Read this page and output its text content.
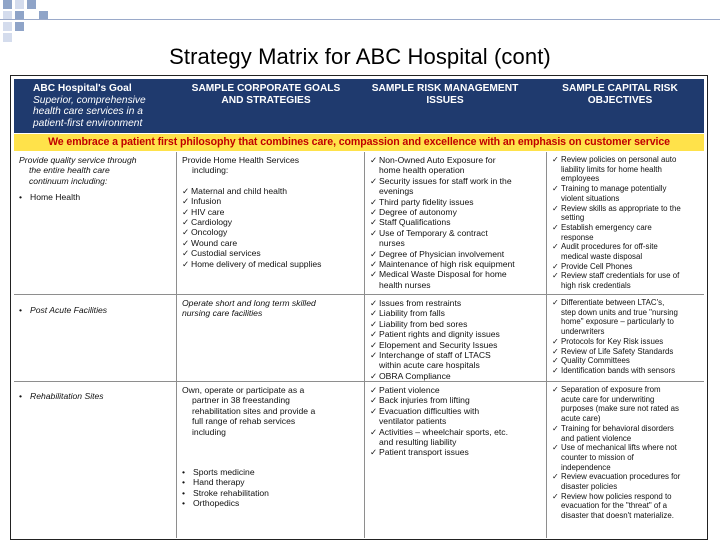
Strategy Matrix for ABC Hospital (cont)
ABC Hospital's Goal
Superior, comprehensive
health care services in a
patient-first environment
SAMPLE CORPORATE GOALS
AND STRATEGIES
SAMPLE RISK MANAGEMENT
ISSUES
SAMPLE CAPITAL RISK
OBJECTIVES
We embrace a patient first philosophy that combines care, compassion and excellence with an emphasis on customer service
Provide quality service through
the entire health care
continuum including:
• Home Health
Provide Home Health Services
including:
✓ Maternal and child health
✓ Infusion
✓ HIV care
✓ Cardiology
✓ Oncology
✓ Wound care
✓ Custodial services
✓ Home delivery of medical supplies
✓ Non-Owned Auto Exposure for
home health operation
✓ Security issues for staff work in the
evenings
✓ Third party fidelity issues
✓ Degree of autonomy
✓ Staff Qualifications
✓ Use of Temporary & contract
nurses
✓ Degree of Physician involvement
✓ Maintenance of high risk equipment
✓ Medical Waste Disposal for home
health nurses
✓ Review policies on personal auto
liability limits for home health
employees
✓ Training to manage potentially
violent situations
✓ Review skills as appropriate to the
setting
✓ Establish emergency care
response
✓ Audit procedures for off-site
medical waste disposal
✓ Provide Cell Phones
✓ Review staff credentials for use of
high risk credentials
• Post Acute Facilities
Operate short and long term skilled
nursing care facilities
✓ Issues from restraints
✓ Liability from falls
✓ Liability from bed sores
✓ Patient rights and dignity issues
✓ Elopement and Security Issues
✓ Interchange of staff of LTACS
within acute care hospitals
✓ OBRA Compliance
✓ Differentiate between LTAC's,
step down units and true "nursing
home" exposure – particularly to
underwriters
✓ Protocols for Key Risk issues
✓ Review of Life Safety Standards
✓ Quality Committees
✓ Identification bands with sensors
• Rehabilitation Sites
Own, operate or participate as a
partner in 38 freestanding
rehabilitation sites and provide a
full range of rehab services
including
• Sports medicine
• Hand therapy
• Stroke rehabilitation
• Orthopedics
✓ Patient violence
✓ Back injuries from lifting
✓ Evacuation difficulties with
ventilator patients
✓ Activities – wheelchair sports, etc.
and resulting liability
✓ Patient transport issues
✓ Separation of exposure from
acute care for underwriting
purposes (make sure not rated as
acute care)
✓ Training for behavioral disorders
and patient violence
✓ Use of mechanical lifts where not
counter to mission of
independence
✓ Review evacuation procedures for
disaster policies
✓ Review how policies respond to
evacuation for the "threat" of a
disaster that doesn't materialize.
